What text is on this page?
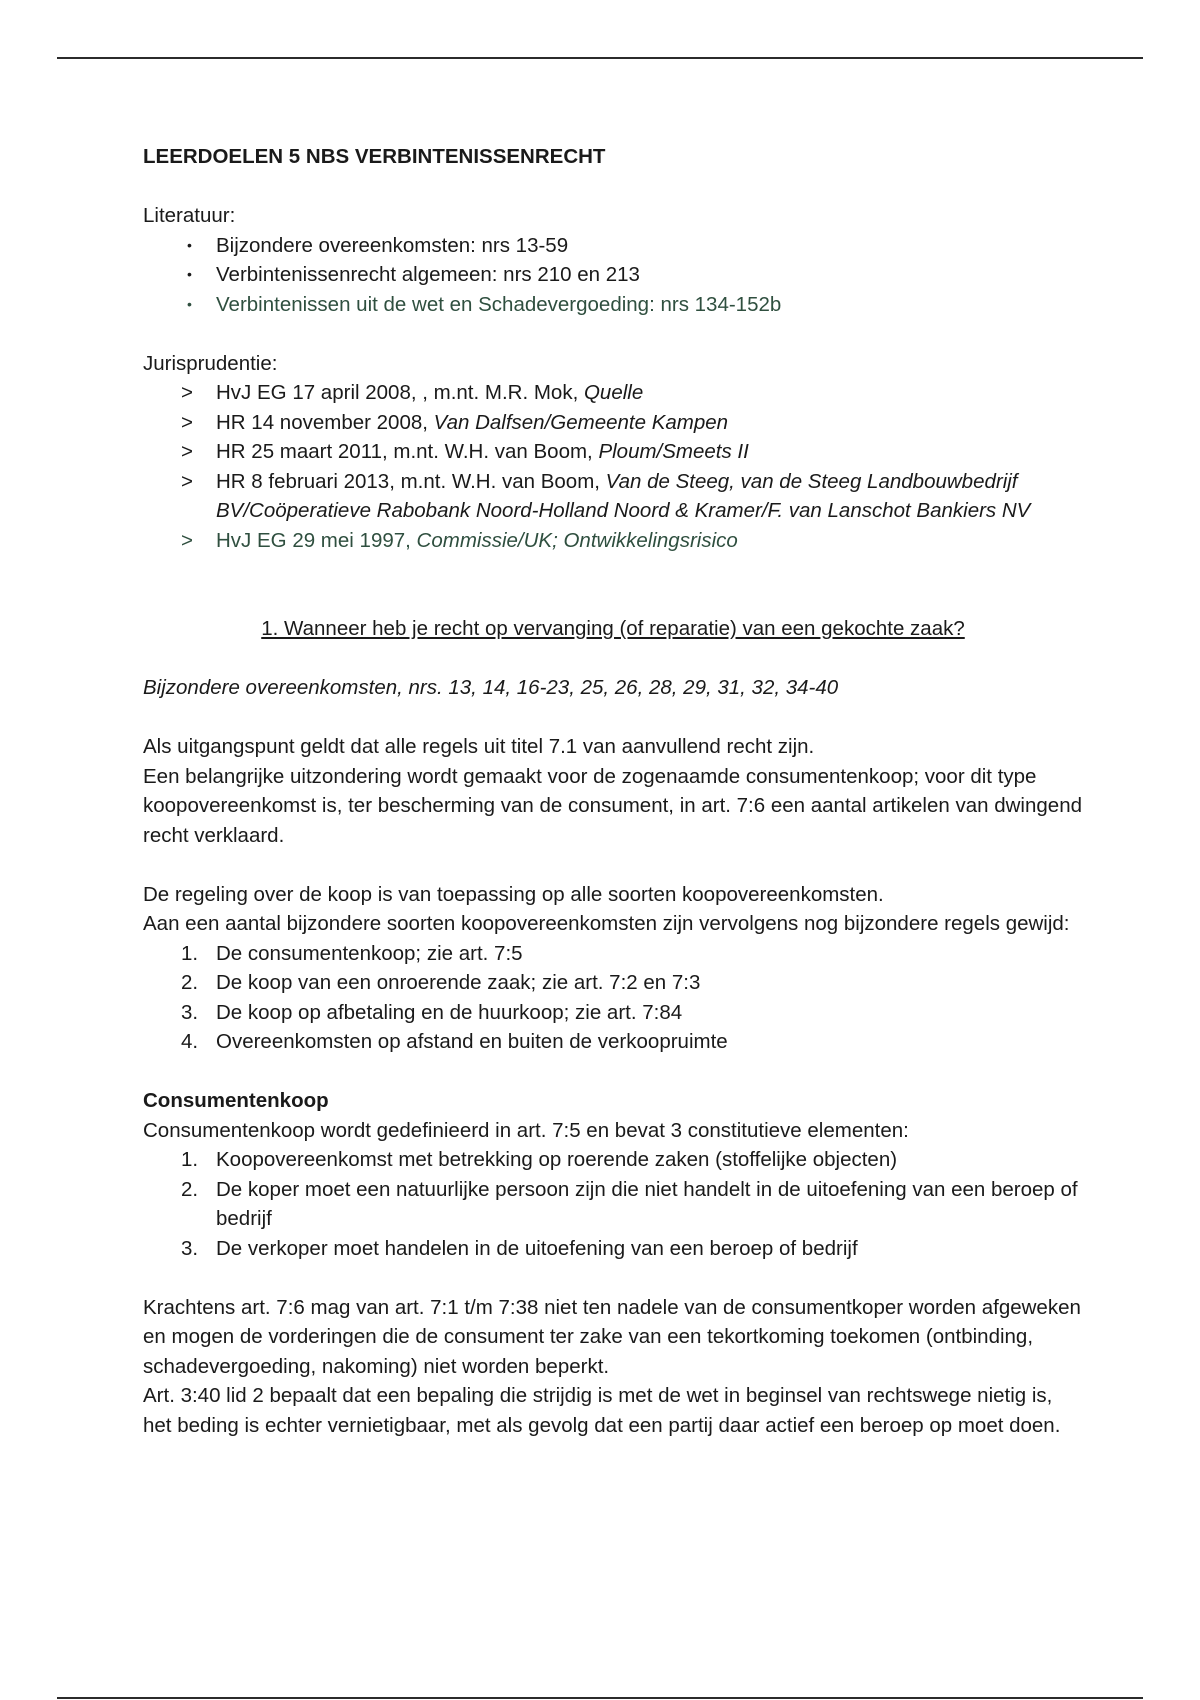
LEERDOELEN 5 NBS VERBINTENISSENRECHT

Literatuur:

•	Bijzondere overeenkomsten: nrs 13-59
•	Verbintenissenrecht algemeen: nrs 210 en 213
•	Verbintenissen uit de wet en Schadevergoeding: nrs 134-152b

Jurisprudentie:

>	HvJ EG 17 april 2008, , m.nt. M.R. Mok, Quelle
>	HR 14 november 2008, Van Dalfsen/Gemeente Kampen
>	HR 25 maart 2011, m.nt. W.H. van Boom, Ploum/Smeets II
>	HR 8 februari 2013, m.nt. W.H. van Boom, Van de Steeg, van de Steeg Landbouwbedrijf BV/Coöperatieve Rabobank Noord-Holland Noord & Kramer/F. van Lanschot Bankiers NV
>	HvJ EG 29 mei 1997, Commissie/UK; Ontwikkelingsrisico

1. Wanneer heb je recht op vervanging (of reparatie) van een gekochte zaak?

Bijzondere overeenkomsten, nrs. 13, 14, 16-23, 25, 26, 28, 29, 31, 32, 34-40

Als uitgangspunt geldt dat alle regels uit titel 7.1 van aanvullend recht zijn.

Een belangrijke uitzondering wordt gemaakt voor de zogenaamde consumentenkoop; voor dit type koopovereenkomst is, ter bescherming van de consument, in art. 7:6 een aantal artikelen van dwingend recht verklaard.

De regeling over de koop is van toepassing op alle soorten koopovereenkomsten.

Aan een aantal bijzondere soorten koopovereenkomsten zijn vervolgens nog bijzondere regels gewijd:

1. De consumentenkoop; zie art. 7:5
2. De koop van een onroerende zaak; zie art. 7:2 en 7:3
3. De koop op afbetaling en de huurkoop; zie art. 7:84
4. Overeenkomsten op afstand en buiten de verkoopruimte

Consumentenkoop

Consumentenkoop wordt gedefinieerd in art. 7:5 en bevat 3 constitutieve elementen:

1. Koopovereenkomst met betrekking op roerende zaken (stoffelijke objecten)
2. De koper moet een natuurlijke persoon zijn die niet handelt in de uitoefening van een beroep of bedrijf
3. De verkoper moet handelen in de uitoefening van een beroep of bedrijf

Krachtens art. 7:6 mag van art. 7:1 t/m 7:38 niet ten nadele van de consumentkoper worden afgeweken en mogen de vorderingen die de consument ter zake van een tekortkoming toekomen (ontbinding, schadevergoeding, nakoming) niet worden beperkt.

Art. 3:40 lid 2 bepaalt dat een bepaling die strijdig is met de wet in beginsel van rechtswege nietig is, het beding is echter vernietigbaar, met als gevolg dat een partij daar actief een beroep op moet doen.
